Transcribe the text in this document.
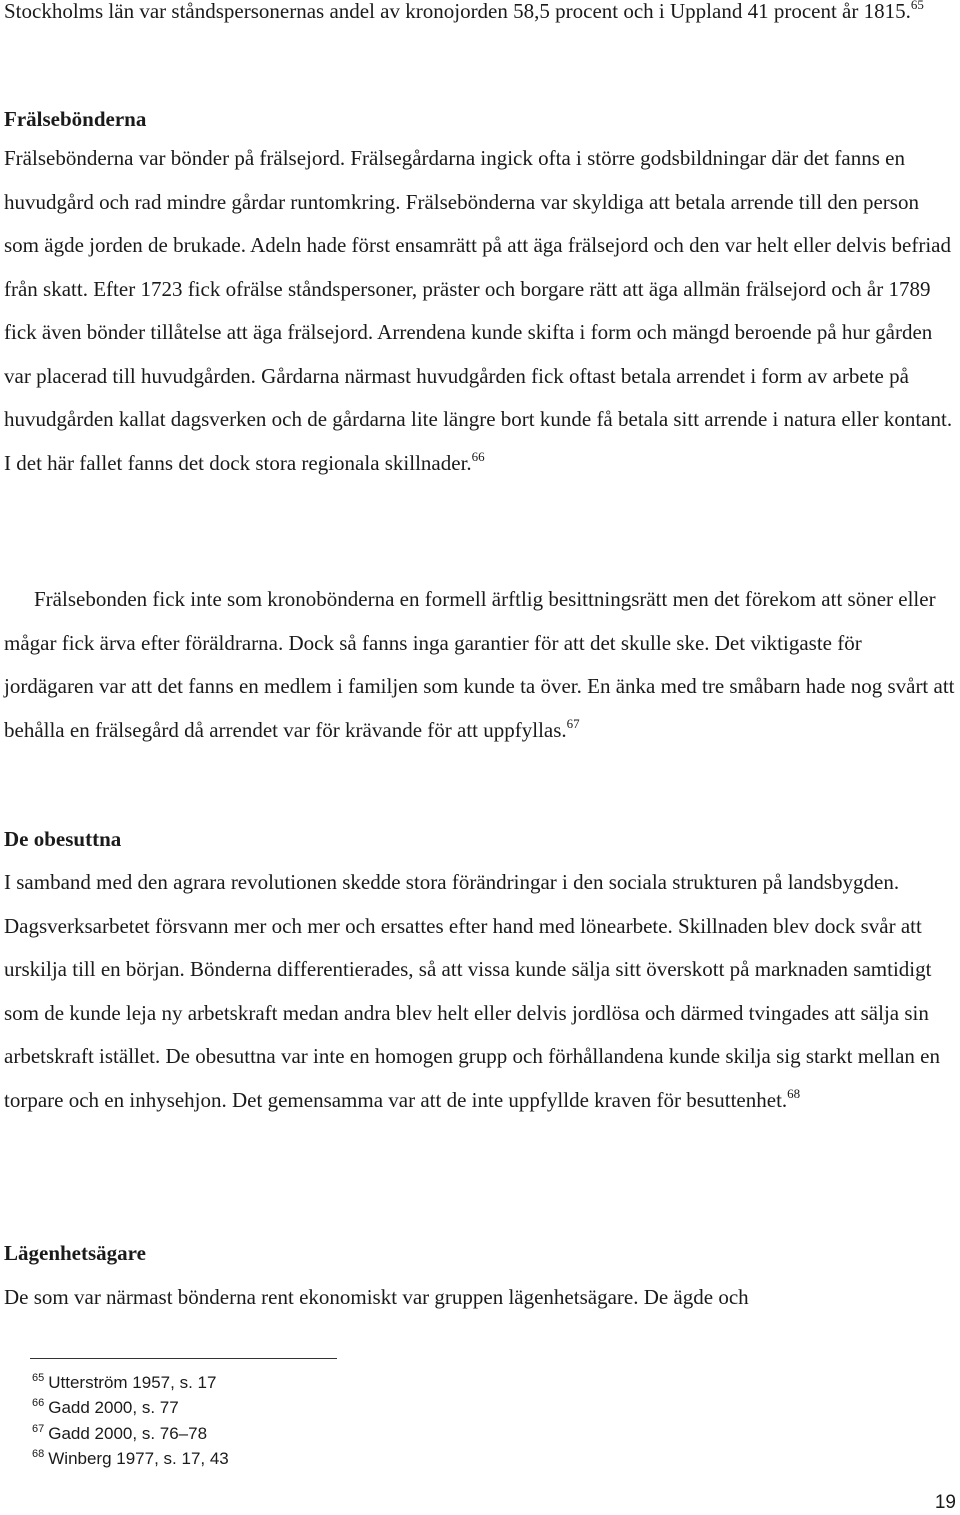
Stockholms län var ståndspersonernas andel av kronojorden 58,5 procent och i Uppland 41 procent år 1815.65

Frälsebönderna

Frälsebönderna var bönder på frälsejord. Frälsegårdarna ingick ofta i större godsbildningar där det fanns en huvudgård och rad mindre gårdar runtomkring. Frälsebönderna var skyldiga att betala arrende till den person som ägde jorden de brukade. Adeln hade först ensamrätt på att äga frälsejord och den var helt eller delvis befriad från skatt. Efter 1723 fick ofrälse ståndspersoner, präster och borgare rätt att äga allmän frälsejord och år 1789 fick även bönder tillåtelse att äga frälsejord. Arrendena kunde skifta i form och mängd beroende på hur gården var placerad till huvudgården. Gårdarna närmast huvudgården fick oftast betala arrendet i form av arbete på huvudgården kallat dagsverken och de gårdarna lite längre bort kunde få betala sitt arrende i natura eller kontant. I det här fallet fanns det dock stora regionala skillnader.$^{66}$

Frälsebonden fick inte som kronobönderna en formell ärftlig besittningsrätt men det förekom att söner eller mågar fick ärva efter föräldrarna. Dock så fanns inga garantier för att det skulle ske. Det viktigaste för jordägaren var att det fanns en medlem i familjen som kunde ta över. En änka med tre småbarn hade nog svårt att behålla en frälsegård då arrendet var för krävande för att uppfyllas.$^{67}$

De obesuttna

I samband med den agrara revolutionen skedde stora förändringar i den sociala strukturen på landsbygden. Dagsverksarbetet försvann mer och mer och ersattes efter hand med lönearbete. Skillnaden blev dock svår att urskilja till en början. Bönderna differentierades, så att vissa kunde sälja sitt överskott på marknaden samtidigt som de kunde leja ny arbetskraft medan andra blev helt eller delvis jordlösa och därmed tvingades att sälja sin arbetskraft istället. De obesuttna var inte en homogen grupp och förhållandena kunde skilja sig starkt mellan en torpare och en inhysehjon. Det gemensamma var att de inte uppfyllde kraven för besuttenhet.$^{68}$

Lägenhetsägare

De som var närmast bönderna rent ekonomiskt var gruppen lägenhetsägare. De ägde och

$^{65}$ Utterström 1957, s. 17
$^{66}$ Gadd 2000, s. 77
$^{67}$ Gadd 2000, s. 76–78
$^{68}$ Winberg 1977, s. 17, 43
19
